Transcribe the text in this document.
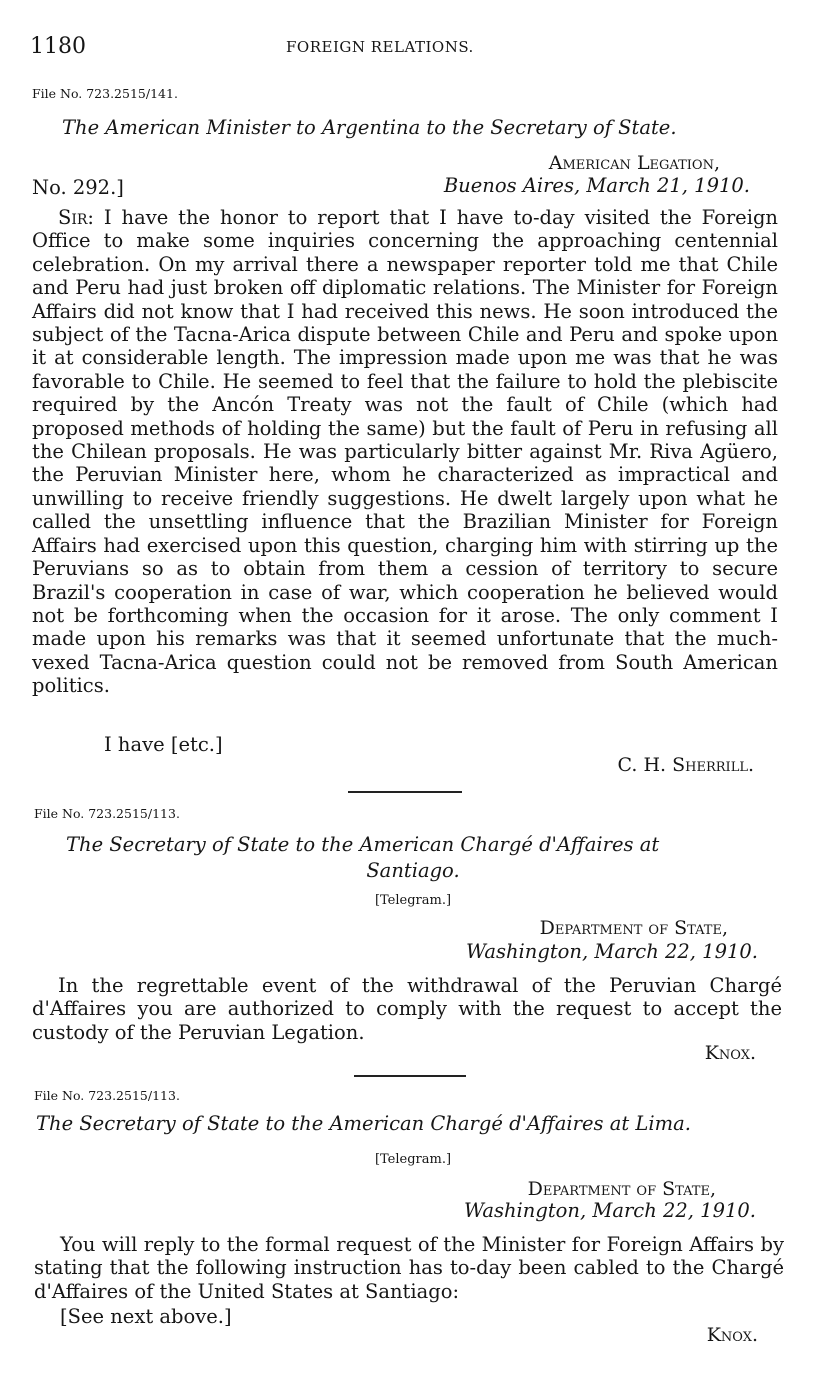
1180	FOREIGN RELATIONS.
File No. 723.2515/141.
The American Minister to Argentina to the Secretary of State.
American Legation,
No. 292.]	Buenos Aires, March 21, 1910.
Sir: I have the honor to report that I have to-day visited the Foreign Office to make some inquiries concerning the approaching centennial celebration. On my arrival there a newspaper reporter told me that Chile and Peru had just broken off diplomatic relations. The Minister for Foreign Affairs did not know that I had received this news. He soon introduced the subject of the Tacna-Arica dispute between Chile and Peru and spoke upon it at considerable length. The impression made upon me was that he was favorable to Chile. He seemed to feel that the failure to hold the plebiscite required by the Ancón Treaty was not the fault of Chile (which had proposed methods of holding the same) but the fault of Peru in refusing all the Chilean proposals. He was particularly bitter against Mr. Riva Agüero, the Peruvian Minister here, whom he characterized as impractical and unwilling to receive friendly suggestions. He dwelt largely upon what he called the unsettling influence that the Brazilian Minister for Foreign Affairs had exercised upon this question, charging him with stirring up the Peruvians so as to obtain from them a cession of territory to secure Brazil's cooperation in case of war, which cooperation he believed would not be forthcoming when the occasion for it arose. The only comment I made upon his remarks was that it seemed unfortunate that the much-vexed Tacna-Arica question could not be removed from South American politics.
I have [etc.]
C. H. Sherrill.
File No. 723.2515/113.
The Secretary of State to the American Chargé d'Affaires at
Santiago.
[Telegram.]
Department of State,
Washington, March 22, 1910.
In the regrettable event of the withdrawal of the Peruvian Chargé d'Affaires you are authorized to comply with the request to accept the custody of the Peruvian Legation.
Knox.
File No. 723.2515/113.
The Secretary of State to the American Chargé d'Affaires at Lima.
[Telegram.]
Department of State,
Washington, March 22, 1910.
You will reply to the formal request of the Minister for Foreign Affairs by stating that the following instruction has to-day been cabled to the Chargé d'Affaires of the United States at Santiago:
[See next above.]
Knox.
